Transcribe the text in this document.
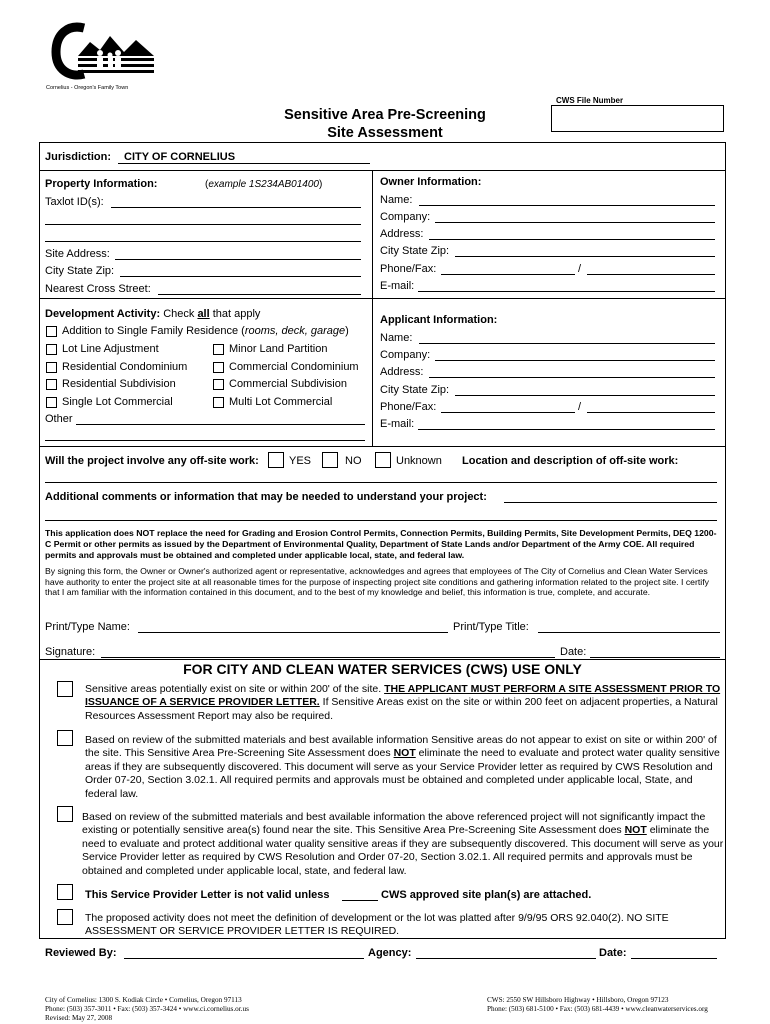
Cornelius - Oregon's Family Town
CWS File Number
Sensitive Area Pre-Screening
Site Assessment
Jurisdiction: CITY OF CORNELIUS
Property Information:	(example 1S234AB01400)
Taxlot ID(s):
Site Address:
City State Zip:
Nearest Cross Street:
Owner Information:
Name:
Company:
Address:
City State Zip:
Phone/Fax:	/
E-mail:
Development Activity: Check all that apply
Addition to Single Family Residence (rooms, deck, garage)
Lot Line Adjustment	Minor Land Partition
Residential Condominium	Commercial Condominium
Residential Subdivision	Commercial Subdivision
Single Lot Commercial	Multi Lot Commercial
Other
Applicant Information:
Name:
Company:
Address:
City State Zip:
Phone/Fax:	/
E-mail:
Will the project involve any off-site work:	YES	NO	Unknown Location and description of off-site work:
Additional comments or information that may be needed to understand your project:
This application does NOT replace the need for Grading and Erosion Control Permits, Connection Permits, Building Permits, Site Development Permits, DEQ 1200-C Permit or other permits as issued by the Department of Environmental Quality, Department of State Lands and/or Department of the Army COE. All required permits and approvals must be obtained and completed under applicable local, state, and federal law.
By signing this form, the Owner or Owner's authorized agent or representative, acknowledges and agrees that employees of The City of Cornelius and Clean Water Services have authority to enter the project site at all reasonable times for the purpose of inspecting project site conditions and gathering information related to the project site. I certify that I am familiar with the information contained in this document, and to the best of my knowledge and belief, this information is true, complete, and accurate.
Print/Type Name:	Print/Type Title:
Signature:	Date:
FOR CITY AND CLEAN WATER SERVICES (CWS) USE ONLY
Sensitive areas potentially exist on site or within 200' of the site. THE APPLICANT MUST PERFORM A SITE ASSESSMENT PRIOR TO ISSUANCE OF A SERVICE PROVIDER LETTER. If Sensitive Areas exist on the site or within 200 feet on adjacent properties, a Natural Resources Assessment Report may also be required.
Based on review of the submitted materials and best available information Sensitive areas do not appear to exist on site or within 200' of the site. This Sensitive Area Pre-Screening Site Assessment does NOT eliminate the need to evaluate and protect water quality sensitive areas if they are subsequently discovered. This document will serve as your Service Provider letter as required by CWS Resolution and Order 07-20, Section 3.02.1. All required permits and approvals must be obtained and completed under applicable local, State, and federal law.
Based on review of the submitted materials and best available information the above referenced project will not significantly impact the existing or potentially sensitive area(s) found near the site. This Sensitive Area Pre-Screening Site Assessment does NOT eliminate the need to evaluate and protect additional water quality sensitive areas if they are subsequently discovered. This document will serve as your Service Provider letter as required by CWS Resolution and Order 07-20, Section 3.02.1. All required permits and approvals must be obtained and completed under applicable local, state, and federal law.
This Service Provider Letter is not valid unless	CWS approved site plan(s) are attached.
The proposed activity does not meet the definition of development or the lot was platted after 9/9/95 ORS 92.040(2). NO SITE ASSESSMENT OR SERVICE PROVIDER LETTER IS REQUIRED.
Reviewed By:	Agency:	Date:
City of Cornelius: 1300 S. Kodiak Circle • Cornelius, Oregon 97113
Phone: (503) 357-3011 • Fax: (503) 357-3424 • www.ci.cornelius.or.us
Revised: May 27, 2008
CWS: 2550 SW Hillsboro Highway • Hillsboro, Oregon 97123
Phone: (503) 681-5100 • Fax: (503) 681-4439 • www.cleanwaterservices.org
